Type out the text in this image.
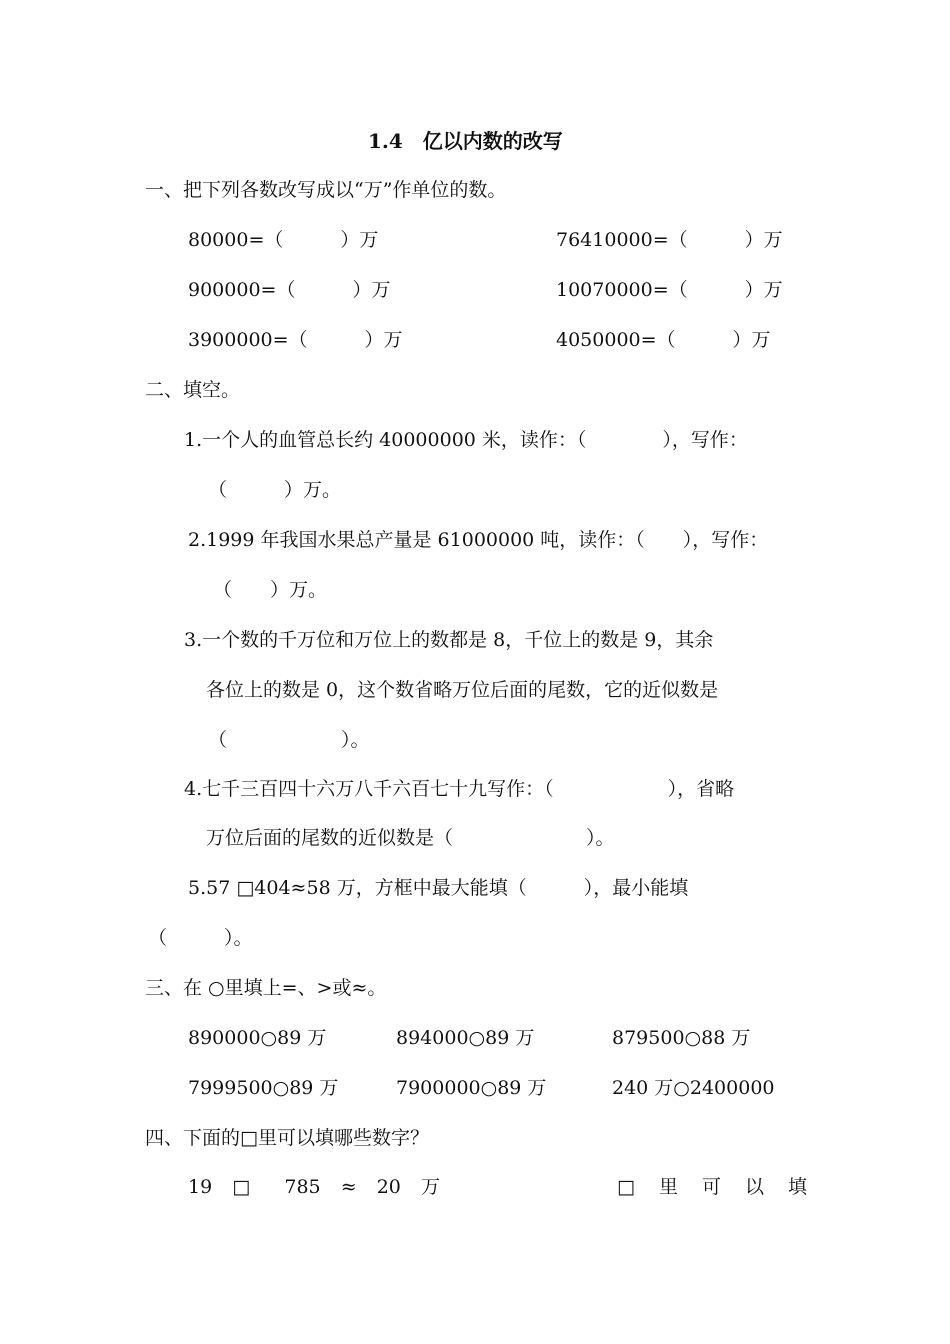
1.4　亿以内数的改写
一、把下列各数改写成以“万”作单位的数。
80000=（　　　）万	76410000=（　　　）万
900000=（　　　）万	10070000=（　　　）万
3900000=（　　　）万	4050000=（　　　）万
二、填空。
1.一个人的血管总长约 40000000 米，读作：（　　　　），写作：
（　　　）万。
2.1999 年我国水果总产量是 61000000 吨，读作：（　　），写作：
（　　）万。
3.一个数的千万位和万位上的数都是 8，千位上的数是 9，其余
各位上的数是 0，这个数省略万位后面的尾数，它的近似数是
（　　　　　　）。
4.七千三百四十六万八千六百七十九写作：（　　　　　　），省略
万位后面的尾数的近似数是（　　　　　　　）。
5.57 □404≈58 万，方框中最大能填（　　　），最小能填
（　　　）。
三、在 ○里填上=、>或≈。
890000○89 万	894000○89 万	879500○88 万
7999500○89 万	7900000○89 万	240 万○2400000
四、下面的□里可以填哪些数字？
19 □ 785 ≈ 20 万	□ 里 可 以 填
